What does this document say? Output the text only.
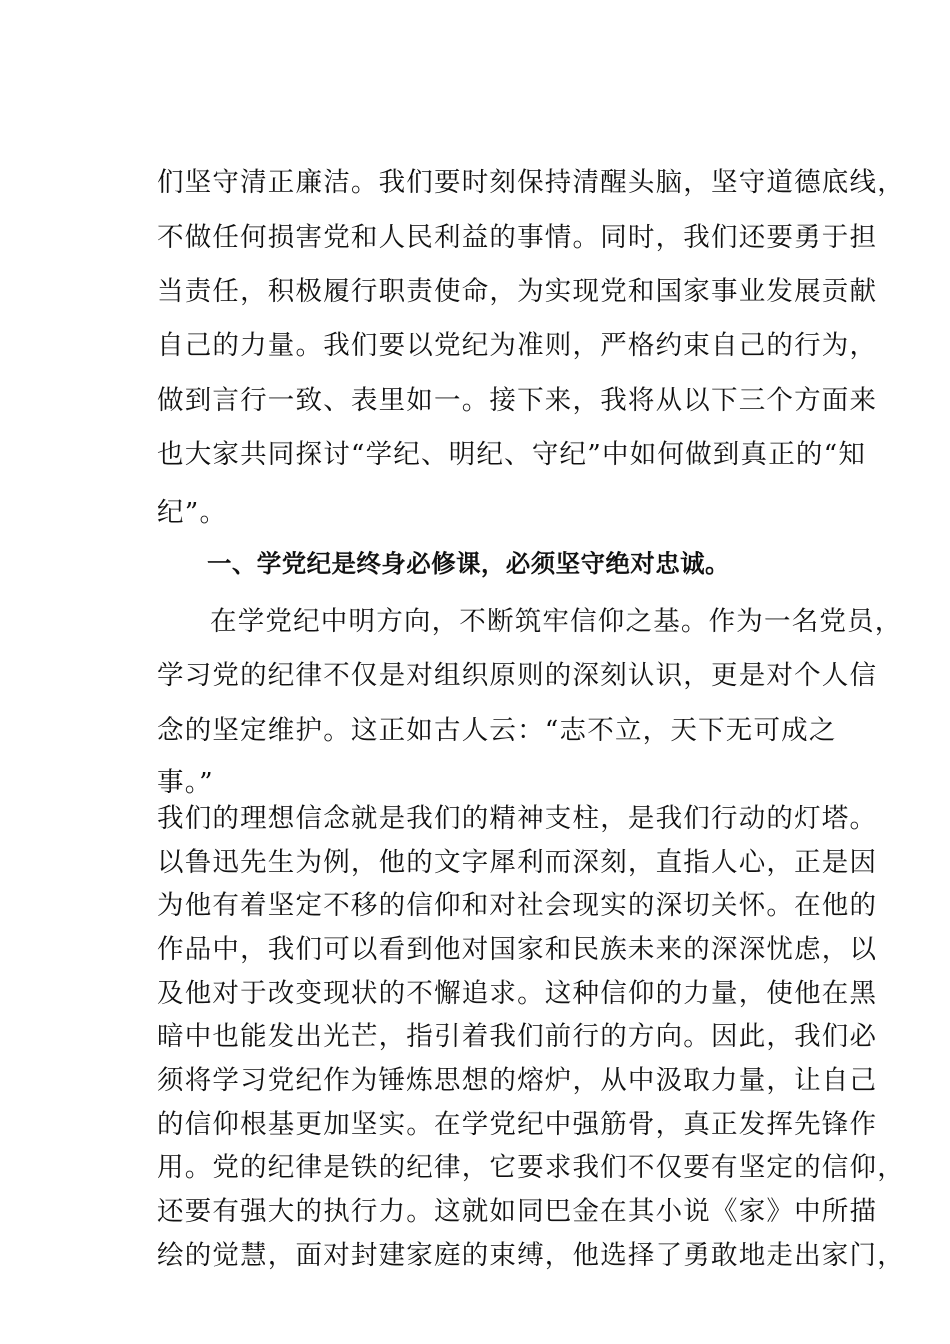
们坚守清正廉洁。我们要时刻保持清醒头脑，坚守道德底线，
不做任何损害党和人民利益的事情。同时，我们还要勇于担
当责任，积极履行职责使命，为实现党和国家事业发展贡献
自己的力量。我们要以党纪为准则，严格约束自己的行为，
做到言行一致、表里如一。接下来，我将从以下三个方面来
也大家共同探讨“学纪、明纪、守纪”中如何做到真正的“知
纪”。
一、学党纪是终身必修课，必须坚守绝对忠诚。
在学党纪中明方向，不断筑牢信仰之基。作为一名党员，
学习党的纪律不仅是对组织原则的深刻认识，更是对个人信
念的坚定维护。这正如古人云：“志不立，天下无可成之
事。”
我们的理想信念就是我们的精神支柱，是我们行动的灯塔。
以鲁迅先生为例，他的文字犀利而深刻，直指人心，正是因
为他有着坚定不移的信仰和对社会现实的深切关怀。在他的
作品中，我们可以看到他对国家和民族未来的深深忧虑，以
及他对于改变现状的不懈追求。这种信仰的力量，使他在黑
暗中也能发出光芒，指引着我们前行的方向。因此，我们必
须将学习党纪作为锤炼思想的熔炉，从中汲取力量，让自己
的信仰根基更加坚实。在学党纪中强筋骨，真正发挥先锋作
用。党的纪律是铁的纪律，它要求我们不仅要有坚定的信仰，
还要有强大的执行力。这就如同巴金在其小说《家》中所描
绘的觉慧，面对封建家庭的束缚，他选择了勇敢地走出家门，
